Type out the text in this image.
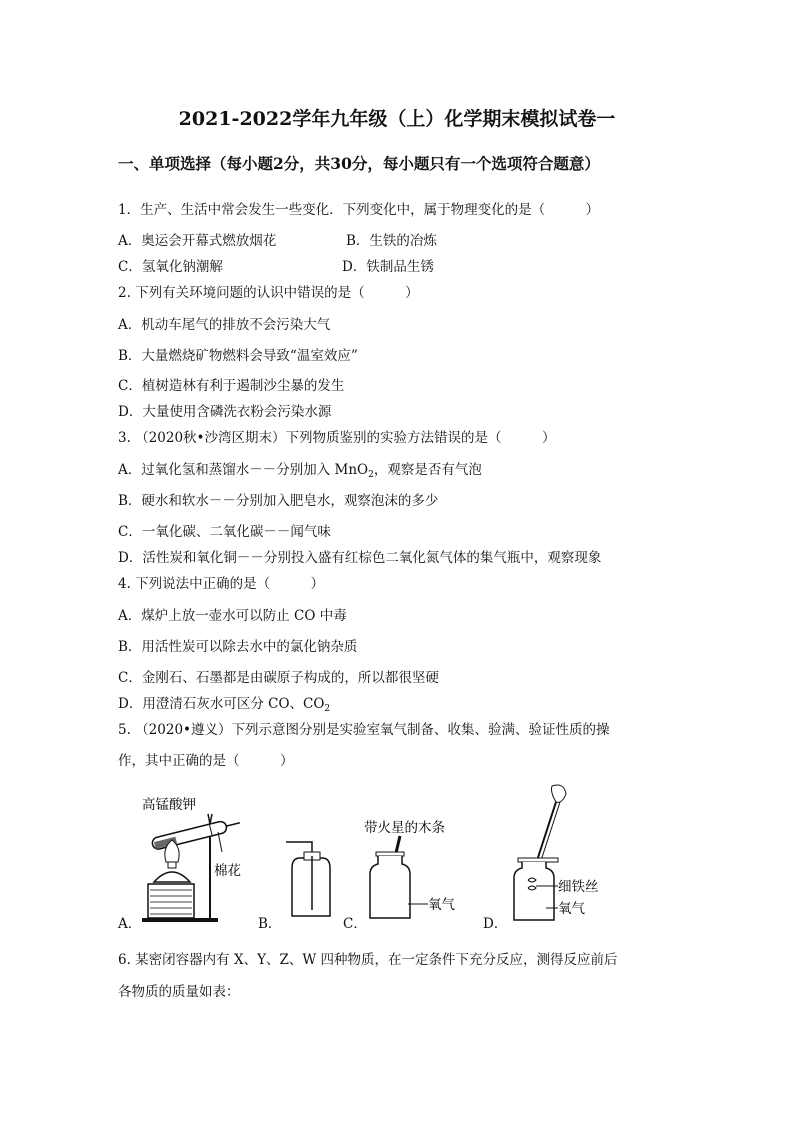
2021-2022学年九年级（上）化学期末模拟试卷一
一、单项选择（每小题2分，共30分，每小题只有一个选项符合题意）
1．生产、生活中常会发生一些变化．下列变化中，属于物理变化的是（　　　）
A．奥运会开幕式燃放烟花	B．生铁的冶炼
C．氢氧化钠潮解	D．铁制品生锈
2. 下列有关环境问题的认识中错误的是（　　　）
A．机动车尾气的排放不会污染大气
B．大量燃烧矿物燃料会导致“温室效应”
C．植树造林有利于遏制沙尘暴的发生
D．大量使用含磷洗衣粉会污染水源
3. （2020秋•沙湾区期末）下列物质鉴别的实验方法错误的是（　　　）
A．过氧化氢和蒸馏水－－分别加入 MnO$_2$，观察是否有气泡
B．硬水和软水－－分别加入肥皂水，观察泡沫的多少
C．一氧化碳、二氧化碳－－闻气味
D．活性炭和氧化铜－－分别投入盛有红棕色二氧化氮气体的集气瓶中，观察现象
4. 下列说法中正确的是（　　　）
A．煤炉上放一壶水可以防止 CO 中毒
B．用活性炭可以除去水中的氯化钠杂质
C．金刚石、石墨都是由碳原子构成的，所以都很坚硬
D．用澄清石灰水可区分 CO、$CO_2$
5. （2020•遵义）下列示意图分别是实验室氧气制备、收集、验满、验证性质的操
作，其中正确的是（　　　）
A．	B．	C．	D．
高锰酸钾
棉花
带火星的木条
氧气
细铁丝
氧气
6. 某密闭容器内有 X、Y、Z、W 四种物质，在一定条件下充分反应，测得反应前后
各物质的质量如表：
